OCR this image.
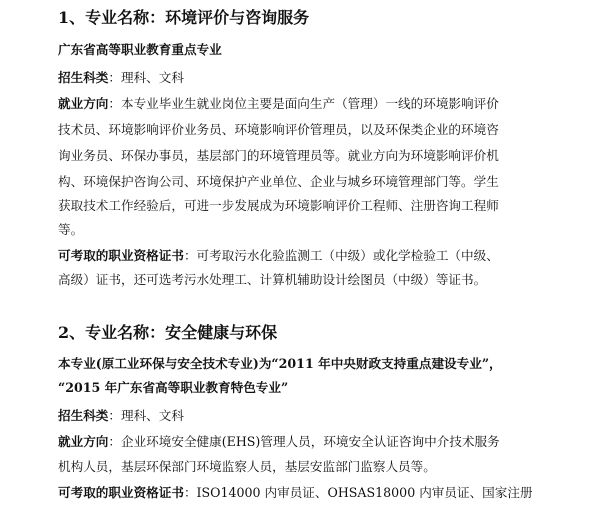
1、专业名称：环境评价与咨询服务
广东省高等职业教育重点专业
招生科类：理科、文科
就业方向：本专业毕业生就业岗位主要是面向生产（管理）一线的环境影响评价
技术员、环境影响评价业务员、环境影响评价管理员，以及环保类企业的环境咨
询业务员、环保办事员，基层部门的环境管理员等。就业方向为环境影响评价机
构、环境保护咨询公司、环境保护产业单位、企业与城乡环境管理部门等。学生
获取技术工作经验后，可进一步发展成为环境影响评价工程师、注册咨询工程师
等。
可考取的职业资格证书：可考取污水化验监测工（中级）或化学检验工（中级、
高级）证书，还可选考污水处理工、计算机辅助设计绘图员（中级）等证书。
2、专业名称：安全健康与环保
本专业(原工业环保与安全技术专业)为“2011 年中央财政支持重点建设专业”，
“2015 年广东省高等职业教育特色专业”
招生科类：理科、文科
就业方向：企业环境安全健康(EHS)管理人员，环境安全认证咨询中介技术服务
机构人员，基层环保部门环境监察人员，基层安监部门监察人员等。
可考取的职业资格证书：ISO14000 内审员证、OHSAS18000 内审员证、国家注册
